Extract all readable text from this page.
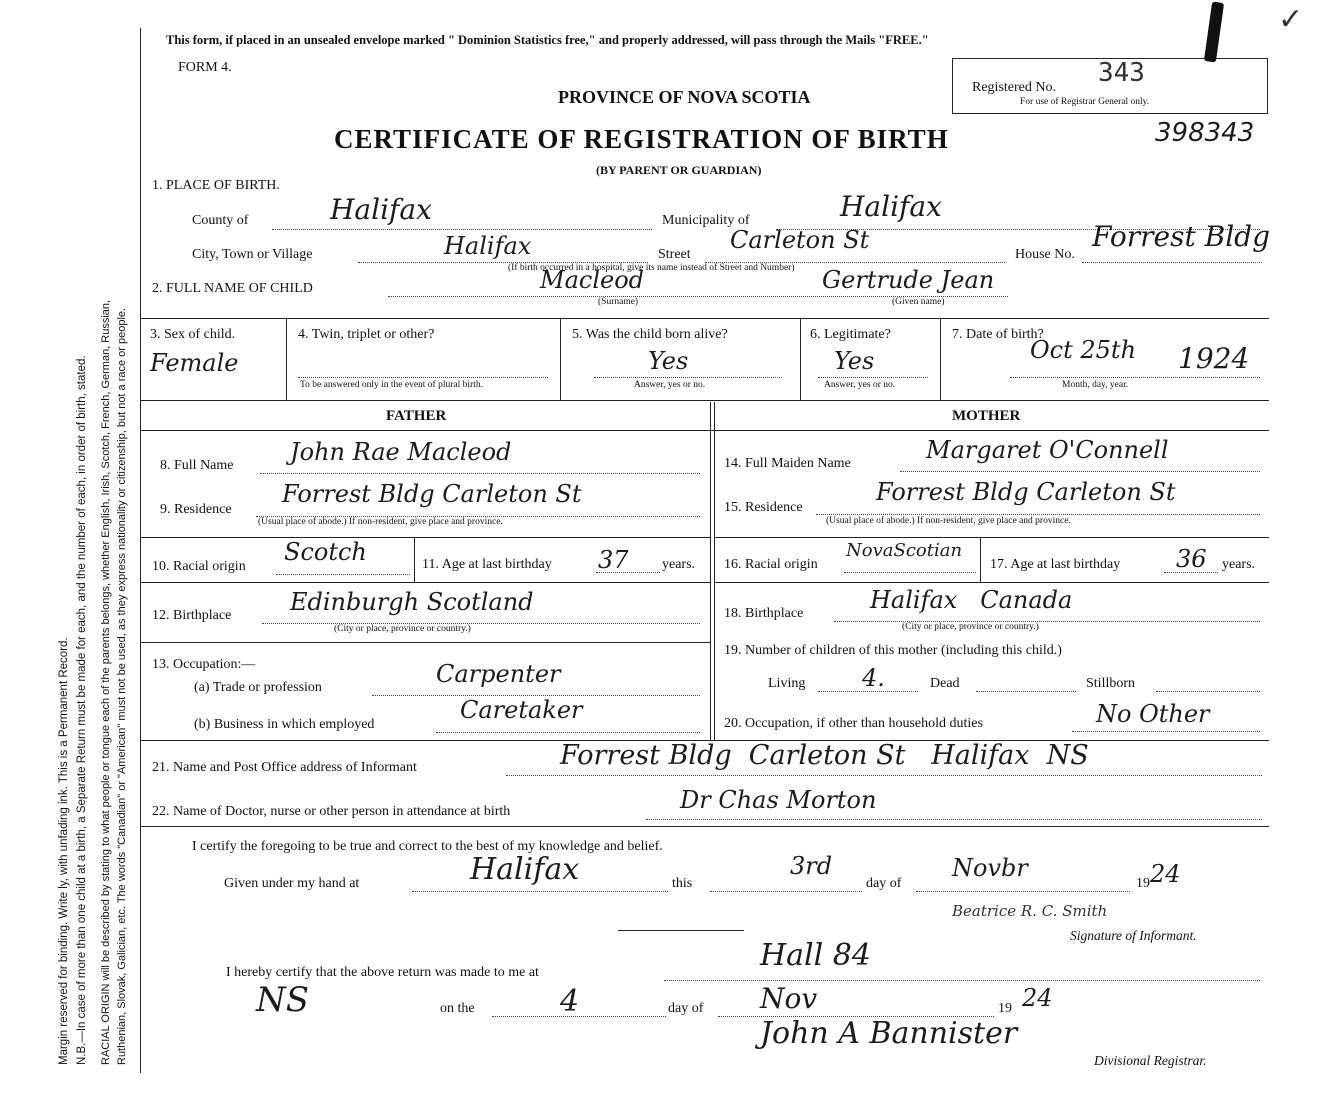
Margin reserved for binding. Write ly, with unfading ink. This is a Permanent Record. N.B.—In case of more than one child at a birth, a Separate Return must be made for each, and the number of each, in order of birth, stated. RACIAL ORIGIN will be described by stating to what people or tongue each of the parents belongs, whether English, Irish, Scotch, French, German, Russian, Ruthenian, Slovak, Galician, etc. The words "Canadian" or "American" must not be used, as they express nationality or citizenship, but not a race or people.
This form, if placed in an unsealed envelope marked " Dominion Statistics free," and properly addressed, will pass through the Mails "FREE."
FORM 4.
PROVINCE OF NOVA SCOTIA
CERTIFICATE OF REGISTRATION OF BIRTH
(BY PARENT OR GUARDIAN)
Registered No. 343
For use of Registrar General only.
398343
✓
1. PLACE OF BIRTH.
County of	Halifax	Municipality of	Halifax
City, Town or Village	Halifax	Street
Carleton St
(If birth occurred in a hospital, give its name instead of Street and Number)
House No.
Forrest Bldg
2. FULL NAME OF CHILD	Macleod	Gertrude Jean
(Surname)	(Given name)
3. Sex of child.
Female
4. Twin, triplet or other?
To be answered only in the event of plural birth.
5. Was the child born alive?
Yes
Answer, yes or no.
6. Legitimate?
Yes
Answer, yes or no.
7. Date of birth?
Oct 25th 1924
Month, day, year.
FATHER	MOTHER
8. Full Name John Rae Macleod
9. Residence
Forrest Bldg Carleton St
(Usual place of abode.) If non-resident, give place and province.
10. Racial origin
Scotch	11. Age at last birthday 37 years.
12. Birthplace Edinburgh Scotland
(City or place, province or country.)
13. Occupation:—
(a) Trade or profession	Carpenter
(b) Business in which employed
Caretaker
14. Full Maiden Name	Margaret O'Connell
15. Residence
Forrest Bldg Carleton St
(Usual place of abode.) If non-resident, give place and province.
16. Racial origin
NovaScotian
17. Age at last birthday 36 years.
18. Birthplace	Halifax   Canada
(City or place, province or country.)
19. Number of children of this mother (including this child.)
Living 4.	Dead	Stillborn
20. Occupation, if other than household duties	No Other
21. Name and Post Office address of Informant	Forrest Bldg  Carleton St   Halifax  NS
22. Name of Doctor, nurse or other person in attendance at birth	Dr Chas Morton
I certify the foregoing to be true and correct to the best of my knowledge and belief.
Given under my hand at	Halifax	this
3rd
day of
Novbr
19 24
Beatrice R. C. Smith
Signature of Informant.
I hereby certify that the above return was made to me at	Hall 84
NS	on the	4	day of Nov	19 24
John A Bannister
Divisional Registrar.
